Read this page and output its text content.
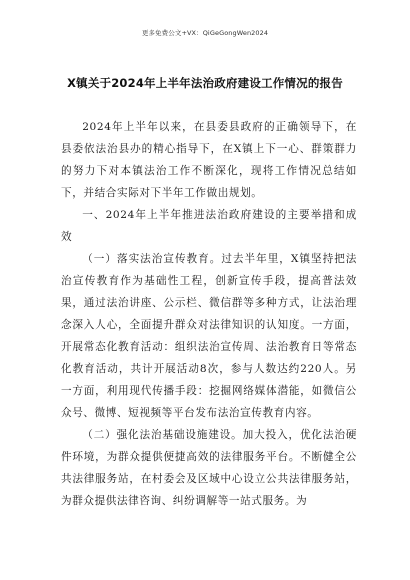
更多免费公文+VX：QiGeGongWen2024
X镇关于2024年上半年法治政府建设工作情况的报告

2024年上半年以来，在县委县政府的正确领导下，在县委依法治县办的精心指导下，在X镇上下一心、群策群力的努力下对本镇法治工作不断深化，现将工作情况总结如下，并结合实际对下半年工作做出规划。

一、2024年上半年推进法治政府建设的主要举措和成效

（一）落实法治宣传教育。过去半年里，X镇坚持把法治宣传教育作为基础性工程，创新宣传手段，提高普法效果，通过法治讲座、公示栏、微信群等多种方式，让法治理念深入人心，全面提升群众对法律知识的认知度。一方面，开展常态化教育活动：组织法治宣传周、法治教育日等常态化教育活动，共计开展活动8次，参与人数达约220人。另一方面，利用现代传播手段：挖掘网络媒体潜能，如微信公众号、微博、短视频等平台发布法治宣传教育内容。

（二）强化法治基础设施建设。加大投入，优化法治硬件环境，为群众提供便捷高效的法律服务平台。不断健全公共法律服务站，在村委会及区域中心设立公共法律服务站，为群众提供法律咨询、纠纷调解等一站式服务。为
